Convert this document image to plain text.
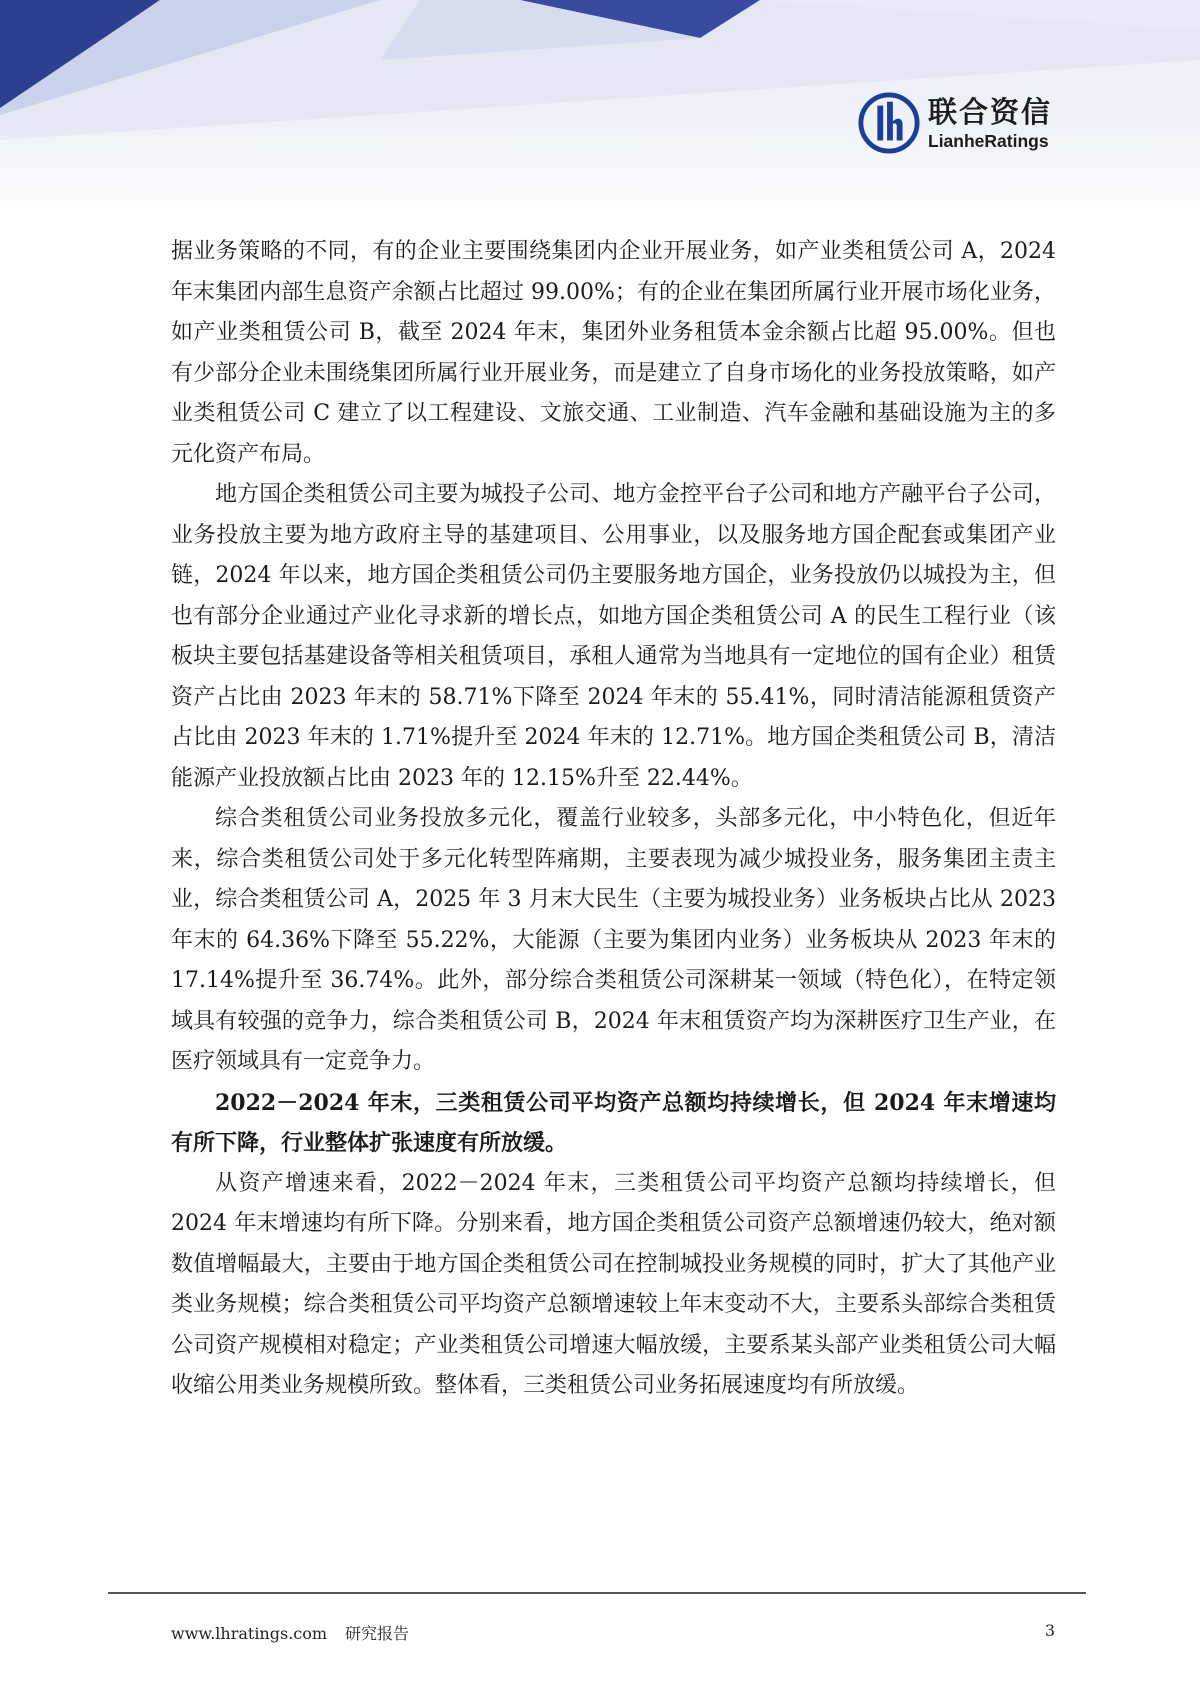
联合资信
LianheRatings

据业务策略的不同，有的企业主要围绕集团内企业开展业务，如产业类租赁公司 A，2024 年末集团内部生息资产余额占比超过 99.00%；有的企业在集团所属行业开展市场化业务，如产业类租赁公司 B，截至 2024 年末，集团外业务租赁本金余额占比超 95.00%。但也有少部分企业未围绕集团所属行业开展业务，而是建立了自身市场化的业务投放策略，如产业类租赁公司 C 建立了以工程建设、文旅交通、工业制造、汽车金融和基础设施为主的多元化资产布局。

地方国企类租赁公司主要为城投子公司、地方金控平台子公司和地方产融平台子公司，业务投放主要为地方政府主导的基建项目、公用事业，以及服务地方国企配套或集团产业链，2024 年以来，地方国企类租赁公司仍主要服务地方国企，业务投放仍以城投为主，但也有部分企业通过产业化寻求新的增长点，如地方国企类租赁公司 A 的民生工程行业（该板块主要包括基建设备等相关租赁项目，承租人通常为当地具有一定地位的国有企业）租赁资产占比由 2023 年末的 58.71%下降至 2024 年末的 55.41%，同时清洁能源租赁资产占比由 2023 年末的 1.71%提升至 2024 年末的 12.71%。地方国企类租赁公司 B，清洁能源产业投放额占比由 2023 年的 12.15%升至 22.44%。

综合类租赁公司业务投放多元化，覆盖行业较多，头部多元化，中小特色化，但近年来，综合类租赁公司处于多元化转型阵痛期，主要表现为减少城投业务，服务集团主责主业，综合类租赁公司 A，2025 年 3 月末大民生（主要为城投业务）业务板块占比从 2023 年末的 64.36%下降至 55.22%，大能源（主要为集团内业务）业务板块从 2023 年末的 17.14%提升至 36.74%。此外，部分综合类租赁公司深耕某一领域（特色化），在特定领域具有较强的竞争力，综合类租赁公司 B，2024 年末租赁资产均为深耕医疗卫生产业，在医疗领域具有一定竞争力。

2022－2024 年末，三类租赁公司平均资产总额均持续增长，但 2024 年末增速均有所下降，行业整体扩张速度有所放缓。

从资产增速来看，2022－2024 年末，三类租赁公司平均资产总额均持续增长，但 2024 年末增速均有所下降。分别来看，地方国企类租赁公司资产总额增速仍较大，绝对额数值增幅最大，主要由于地方国企类租赁公司在控制城投业务规模的同时，扩大了其他产业类业务规模；综合类租赁公司平均资产总额增速较上年末变动不大，主要系头部综合类租赁公司资产规模相对稳定；产业类租赁公司增速大幅放缓，主要系某头部产业类租赁公司大幅收缩公用类业务规模所致。整体看，三类租赁公司业务拓展速度均有所放缓。

www.lhratings.com 研究报告	3
